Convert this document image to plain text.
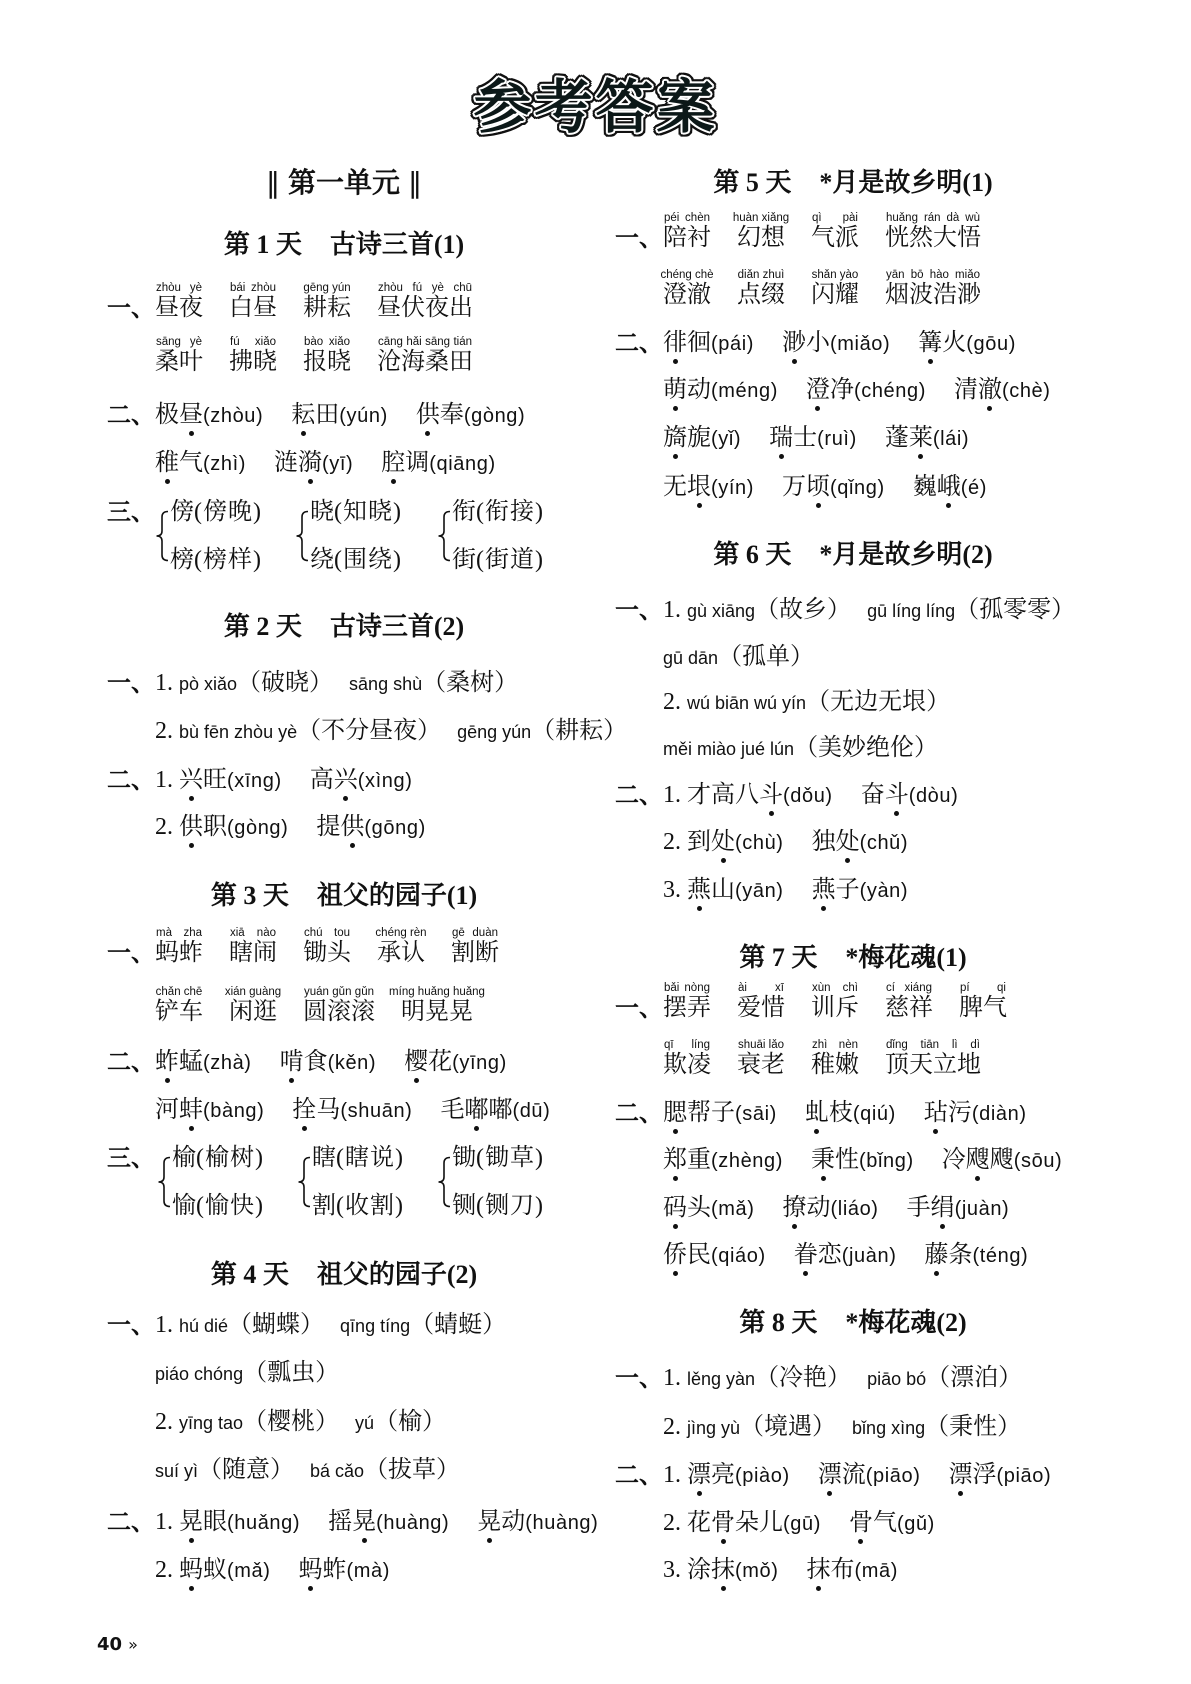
参考答案
‖ 第一单元 ‖
第 1 天 古诗三首(1)
一、
zhòu yè
昼夜
bái zhòu
白昼
gēng yún
耕耘
zhòu fú yè chū
昼伏夜出
sāng yè
桑叶
fú xiǎo
拂晓
bào xiǎo
报晓
cāng hǎi sāng tián
沧海桑田
二、 极昼(zhòu) 耘田(yún) 供奉(gòng)
稚气(zhì) 涟漪(yī) 腔调(qiāng)
三、 傍(傍晚)
榜(榜样)
晓(知晓)
绕(围绕)
衔(衔接)
街(街道)
第 2 天 古诗三首(2)
一、 1. pò xiǎo（破晓） sāng shù（桑树）
2. bù fēn zhòu yè（不分昼夜） gēng yún（耕耘）
二、 1. 兴旺(xīng) 高兴(xìng)
2. 供职(gòng) 提供(gōng)
第 3 天 祖父的园子(1)
一、
mà zha
蚂蚱
xiā nào
瞎闹
chú tou
锄头
chéng rèn
承认
gē duàn
割断
chǎn chē
铲车
xián guàng
闲逛
yuán gǔn gǔn
圆滚滚
míng huǎng huǎng
明晃晃
二、 蚱蜢(zhà) 啃食(kěn) 樱花(yīng)
河蚌(bàng) 拴马(shuān) 毛嘟嘟(dū)
三、 榆(榆树)
愉(愉快)
瞎(瞎说)
割(收割)
锄(锄草)
铡(铡刀)
第 4 天 祖父的园子(2)
一、 1. hú dié（蝴蝶） qīng tíng（蜻蜓）
piáo chóng（瓢虫）
2. yīng tao（樱桃） yú（榆）
suí yì（随意） bá cǎo（拔草）
二、 1. 晃眼(huǎng) 摇晃(huàng) 晃动(huàng)
2. 蚂蚁(mǎ) 蚂蚱(mà)
第 5 天 *月是故乡明(1)
一、
péi chèn
陪衬
huàn xiǎng
幻想
qì pài
气派
huǎng rán dà wù
恍然大悟
chéng chè
澄澈
diǎn zhuì
点缀
shǎn yào
闪耀
yān bō hào miǎo
烟波浩渺
二、 徘徊(pái) 渺小(miǎo) 篝火(gōu)
萌动(méng) 澄净(chéng) 清澈(chè)
旖旎(yǐ) 瑞士(ruì) 蓬莱(lái)
无垠(yín) 万顷(qǐng) 巍峨(é)
第 6 天 *月是故乡明(2)
一、 1. gù xiāng（故乡） gū líng líng（孤零零）
gū dān（孤单）
2. wú biān wú yín（无边无垠）
měi miào jué lún（美妙绝伦）
二、 1. 才高八斗(dǒu) 奋斗(dòu)
2. 到处(chù) 独处(chǔ)
3. 燕山(yān) 燕子(yàn)
第 7 天 *梅花魂(1)
一、
bǎi nòng
摆弄
ài xī
爱惜
xùn chì
训斥
cí xiáng
慈祥
pí qi
脾气
qī líng
欺凌
shuāi lǎo
衰老
zhì nèn
稚嫩
dǐng tiān lì dì
顶天立地
二、 腮帮子(sāi) 虬枝(qiú) 玷污(diàn)
郑重(zhèng) 秉性(bǐng) 冷飕飕(sōu)
码头(mǎ) 撩动(liáo) 手绢(juàn)
侨民(qiáo) 眷恋(juàn) 藤条(téng)
第 8 天 *梅花魂(2)
一、 1. lěng yàn（冷艳） piāo bó（漂泊）
2. jìng yù（境遇） bǐng xìng（秉性）
二、 1. 漂亮(piào) 漂流(piāo) 漂浮(piāo)
2. 花骨朵儿(gū) 骨气(gǔ)
3. 涂抹(mǒ) 抹布(mā)
40 »
